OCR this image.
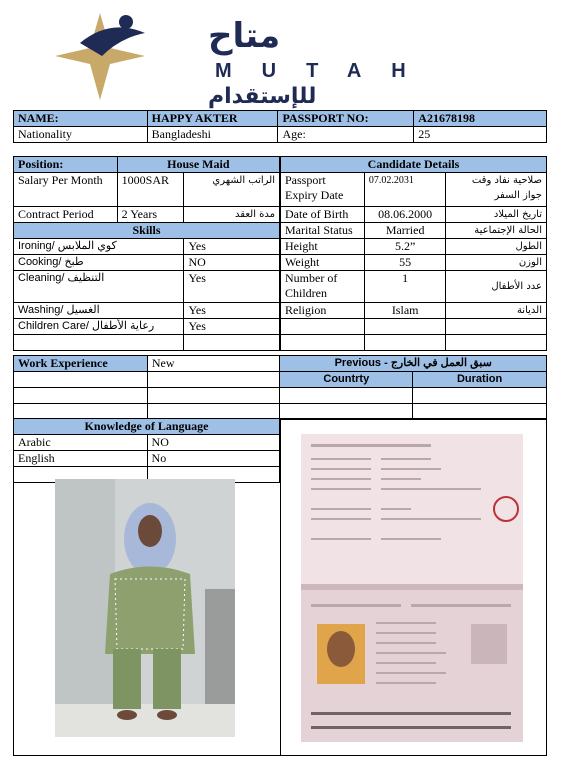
متاح
MUTAH
للإستقدام
NAME:	HAPPY AKTER	PASSPORT NO:	A21678198
Nationality	Bangladeshi	Age:	25
Position:	House Maid	
Salary Per Month	1000SAR	الراتب الشهري
Contract Period	2 Years	مدة العقد
Skills		
Ironing/ كوي الملابس		Yes
Cooking/ طبخ		NO
Cleaning/ التنظيف		Yes
Washing/ الغسيل		Yes
Children Care/ رعاية الأطفال		Yes

Candidate Details		
Passport Expiry Date	07.02.2031	صلاحية نفاد وقت جواز السفر
Date of Birth	08.06.2000	تاريخ الميلاد
Marital Status	Married	الحالة الإجتماعية
Height	5.2”	الطول
Weight	55	الوزن
Number of Children	1	عدد الأطفال
Religion	Islam	الديانة

Work Experience	New	Previous - سبق العمل في الخارج	
		Countrty	Duration

Knowledge of Language	
Arabic	NO
English	No
